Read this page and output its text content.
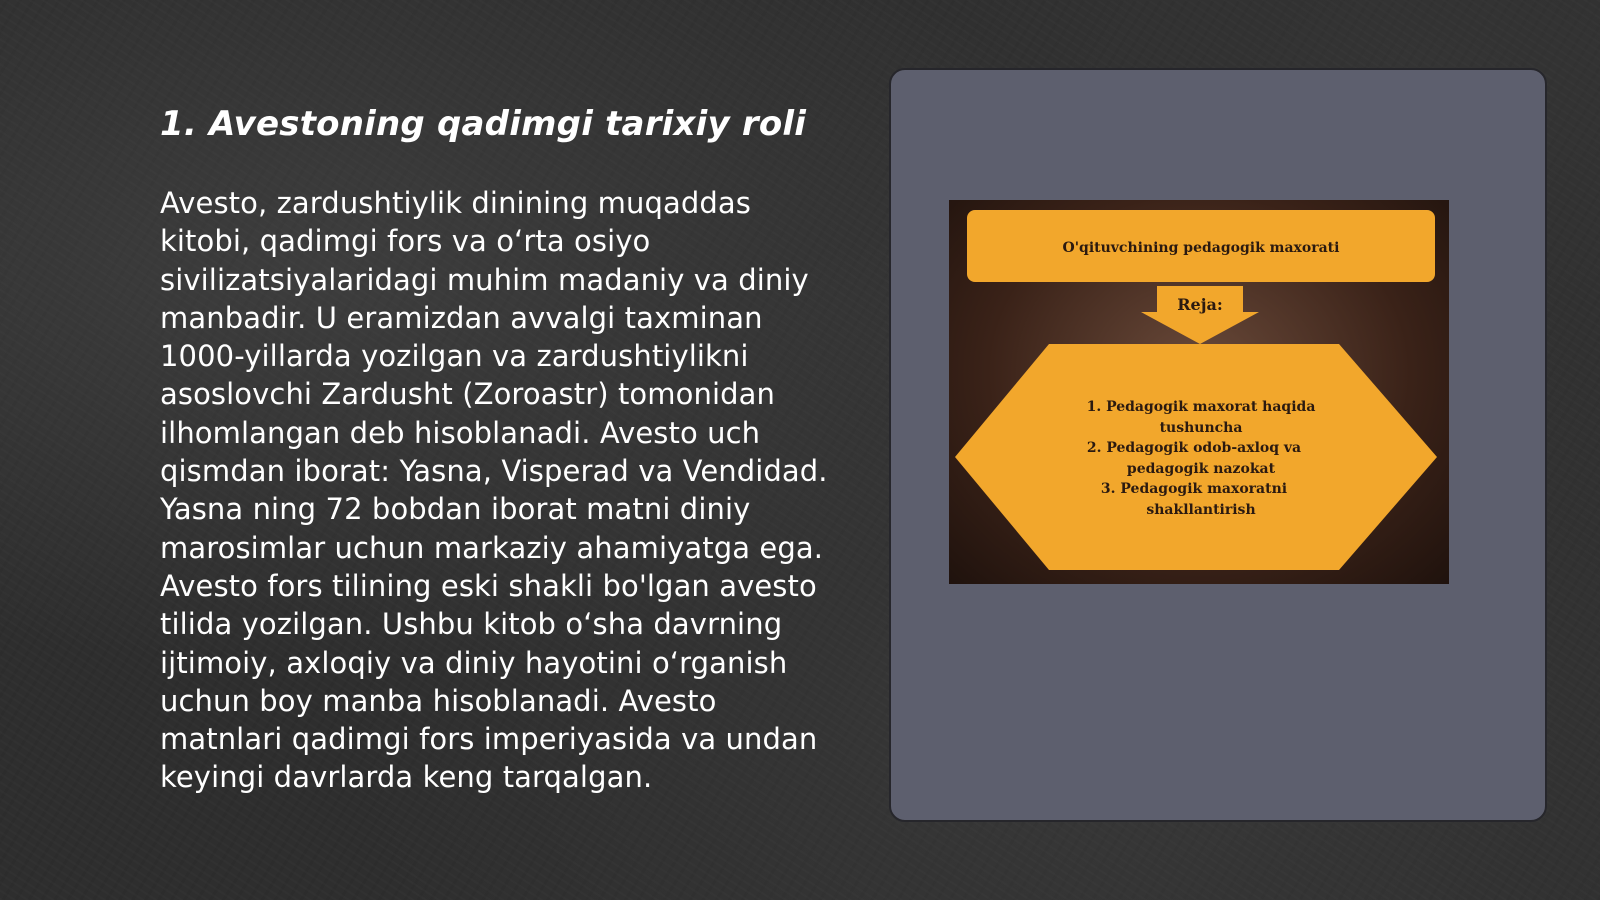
1. Avestoning qadimgi tarixiy roli

Avesto, zardushtiylik dinining muqaddas kitobi, qadimgi fors va o‘rta osiyo sivilizatsiyalaridagi muhim madaniy va diniy manbadir. U eramizdan avvalgi taxminan 1000-yillarda yozilgan va zardushtiylikni asoslovchi Zardusht (Zoroastr) tomonidan ilhomlangan deb hisoblanadi. Avesto uch qismdan iborat: Yasna, Visperad va Vendidad. Yasna ning 72 bobdan iborat matni diniy marosimlar uchun markaziy ahamiyatga ega. Avesto fors tilining eski shakli bo'lgan avesto tilida yozilgan. Ushbu kitob o‘sha davrning ijtimoiy, axloqiy va diniy hayotini o‘rganish uchun boy manba hisoblanadi. Avesto matnlari qadimgi fors imperiyasida va undan keyingi davrlarda keng tarqalgan.

O'qituvchining pedagogik maxorati
Reja:
1. Pedagogik maxorat haqida
tushuncha
2. Pedagogik odob-axloq va
pedagogik nazokat
3. Pedagogik maxoratni
shakllantirish
